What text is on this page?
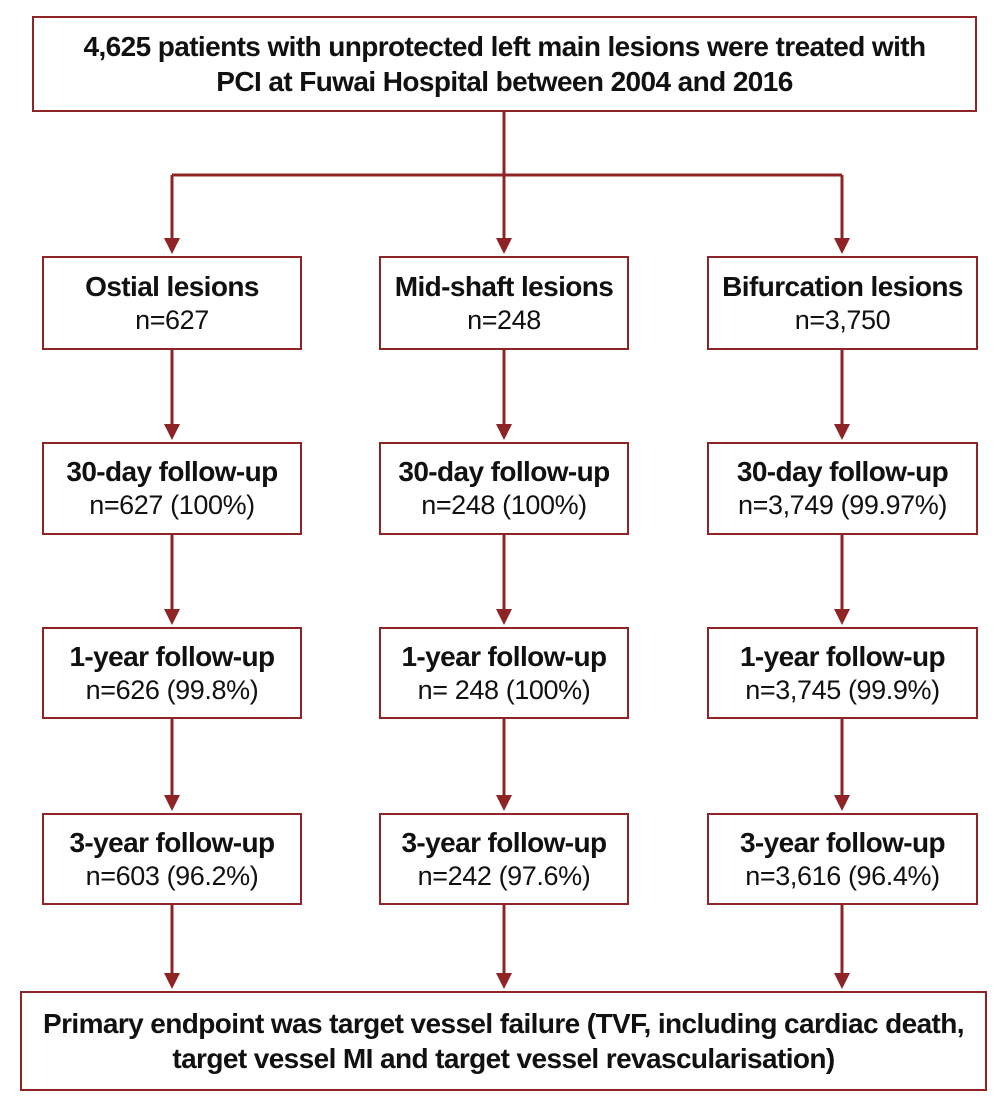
4,625 patients with unprotected left main lesions were treated with
PCI at Fuwai Hospital between 2004 and 2016
Ostial lesions
n=627
30-day follow-up
n=627 (100%)
1-year follow-up
n=626 (99.8%)
3-year follow-up
n=603 (96.2%)
Mid-shaft lesions
n=248
30-day follow-up
n=248 (100%)
1-year follow-up
n= 248 (100%)
3-year follow-up
n=242 (97.6%)
Bifurcation lesions
n=3,750
30-day follow-up
n=3,749 (99.97%)
1-year follow-up
n=3,745 (99.9%)
3-year follow-up
n=3,616 (96.4%)
Primary endpoint was target vessel failure (TVF, including cardiac death,
target vessel MI and target vessel revascularisation)
